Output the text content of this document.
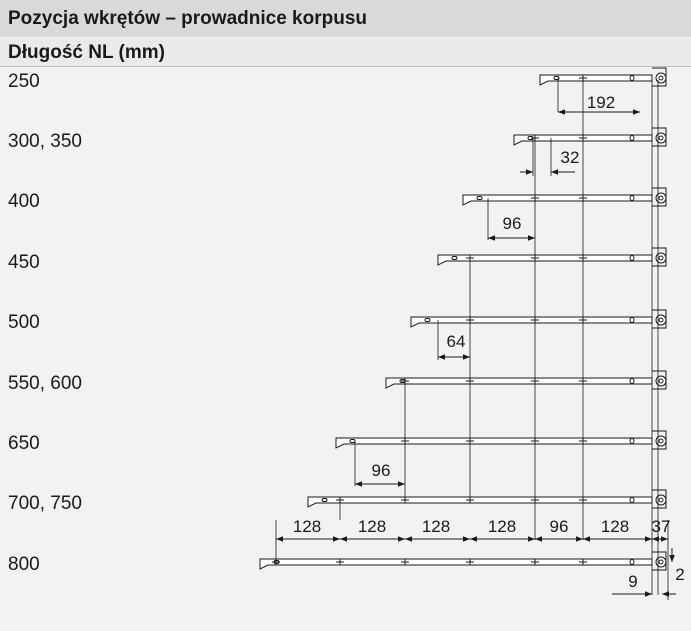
Pozycja wkrętów – prowadnice korpusu
Długość NL (mm)
250
300, 350
400
450
500
550, 600
650
700, 750
800
192
32
96
64
96
128 128 128 128 96 128 37
9 2
